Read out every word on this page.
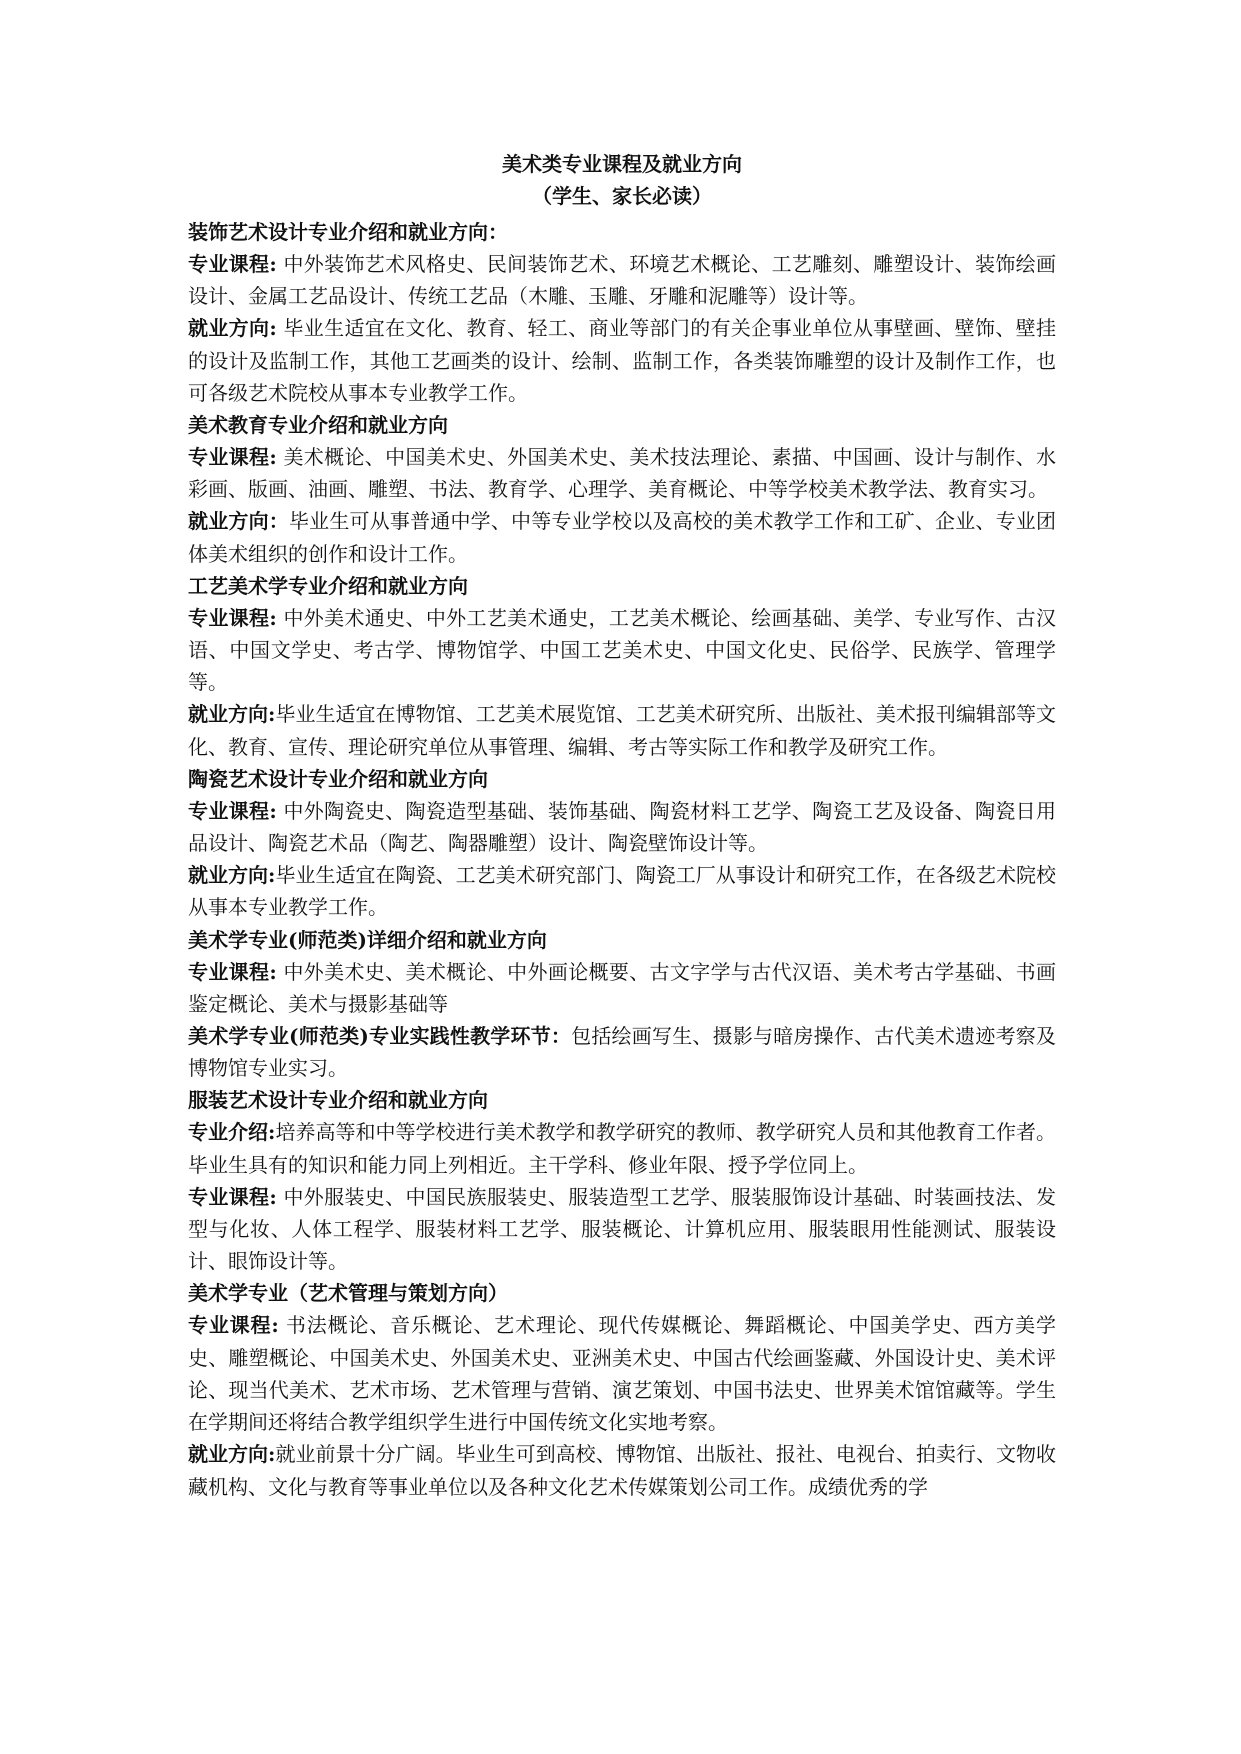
美术类专业课程及就业方向

（学生、家长必读）

装饰艺术设计专业介绍和就业方向：

专业课程: 中外装饰艺术风格史、民间装饰艺术、环境艺术概论、工艺雕刻、雕塑设计、装饰绘画设计、金属工艺品设计、传统工艺品（木雕、玉雕、牙雕和泥雕等）设计等。

就业方向: 毕业生适宜在文化、教育、轻工、商业等部门的有关企事业单位从事壁画、壁饰、壁挂的设计及监制工作，其他工艺画类的设计、绘制、监制工作，各类装饰雕塑的设计及制作工作，也可各级艺术院校从事本专业教学工作。

美术教育专业介绍和就业方向

专业课程: 美术概论、中国美术史、外国美术史、美术技法理论、素描、中国画、设计与制作、水彩画、版画、油画、雕塑、书法、教育学、心理学、美育概论、中等学校美术教学法、教育实习。

就业方向：毕业生可从事普通中学、中等专业学校以及高校的美术教学工作和工矿、企业、专业团体美术组织的创作和设计工作。

工艺美术学专业介绍和就业方向

专业课程: 中外美术通史、中外工艺美术通史，工艺美术概论、绘画基础、美学、专业写作、古汉语、中国文学史、考古学、博物馆学、中国工艺美术史、中国文化史、民俗学、民族学、管理学等。

就业方向:毕业生适宜在博物馆、工艺美术展览馆、工艺美术研究所、出版社、美术报刊编辑部等文化、教育、宣传、理论研究单位从事管理、编辑、考古等实际工作和教学及研究工作。

陶瓷艺术设计专业介绍和就业方向

专业课程: 中外陶瓷史、陶瓷造型基础、装饰基础、陶瓷材料工艺学、陶瓷工艺及设备、陶瓷日用品设计、陶瓷艺术品（陶艺、陶器雕塑）设计、陶瓷壁饰设计等。

就业方向:毕业生适宜在陶瓷、工艺美术研究部门、陶瓷工厂从事设计和研究工作，在各级艺术院校从事本专业教学工作。

美术学专业(师范类)详细介绍和就业方向

专业课程: 中外美术史、美术概论、中外画论概要、古文字学与古代汉语、美术考古学基础、书画鉴定概论、美术与摄影基础等

美术学专业(师范类)专业实践性教学环节：包括绘画写生、摄影与暗房操作、古代美术遗迹考察及博物馆专业实习。

服装艺术设计专业介绍和就业方向

专业介绍:培养高等和中等学校进行美术教学和教学研究的教师、教学研究人员和其他教育工作者。毕业生具有的知识和能力同上列相近。主干学科、修业年限、授予学位同上。

专业课程: 中外服装史、中国民族服装史、服装造型工艺学、服装服饰设计基础、时装画技法、发型与化妆、人体工程学、服装材料工艺学、服装概论、计算机应用、服装眼用性能测试、服装设计、眼饰设计等。

美术学专业（艺术管理与策划方向）

专业课程: 书法概论、音乐概论、艺术理论、现代传媒概论、舞蹈概论、中国美学史、西方美学史、雕塑概论、中国美术史、外国美术史、亚洲美术史、中国古代绘画鉴藏、外国设计史、美术评论、现当代美术、艺术市场、艺术管理与营销、演艺策划、中国书法史、世界美术馆馆藏等。学生在学期间还将结合教学组织学生进行中国传统文化实地考察。

就业方向:就业前景十分广阔。毕业生可到高校、博物馆、出版社、报社、电视台、拍卖行、文物收藏机构、文化与教育等事业单位以及各种文化艺术传媒策划公司工作。成绩优秀的学
